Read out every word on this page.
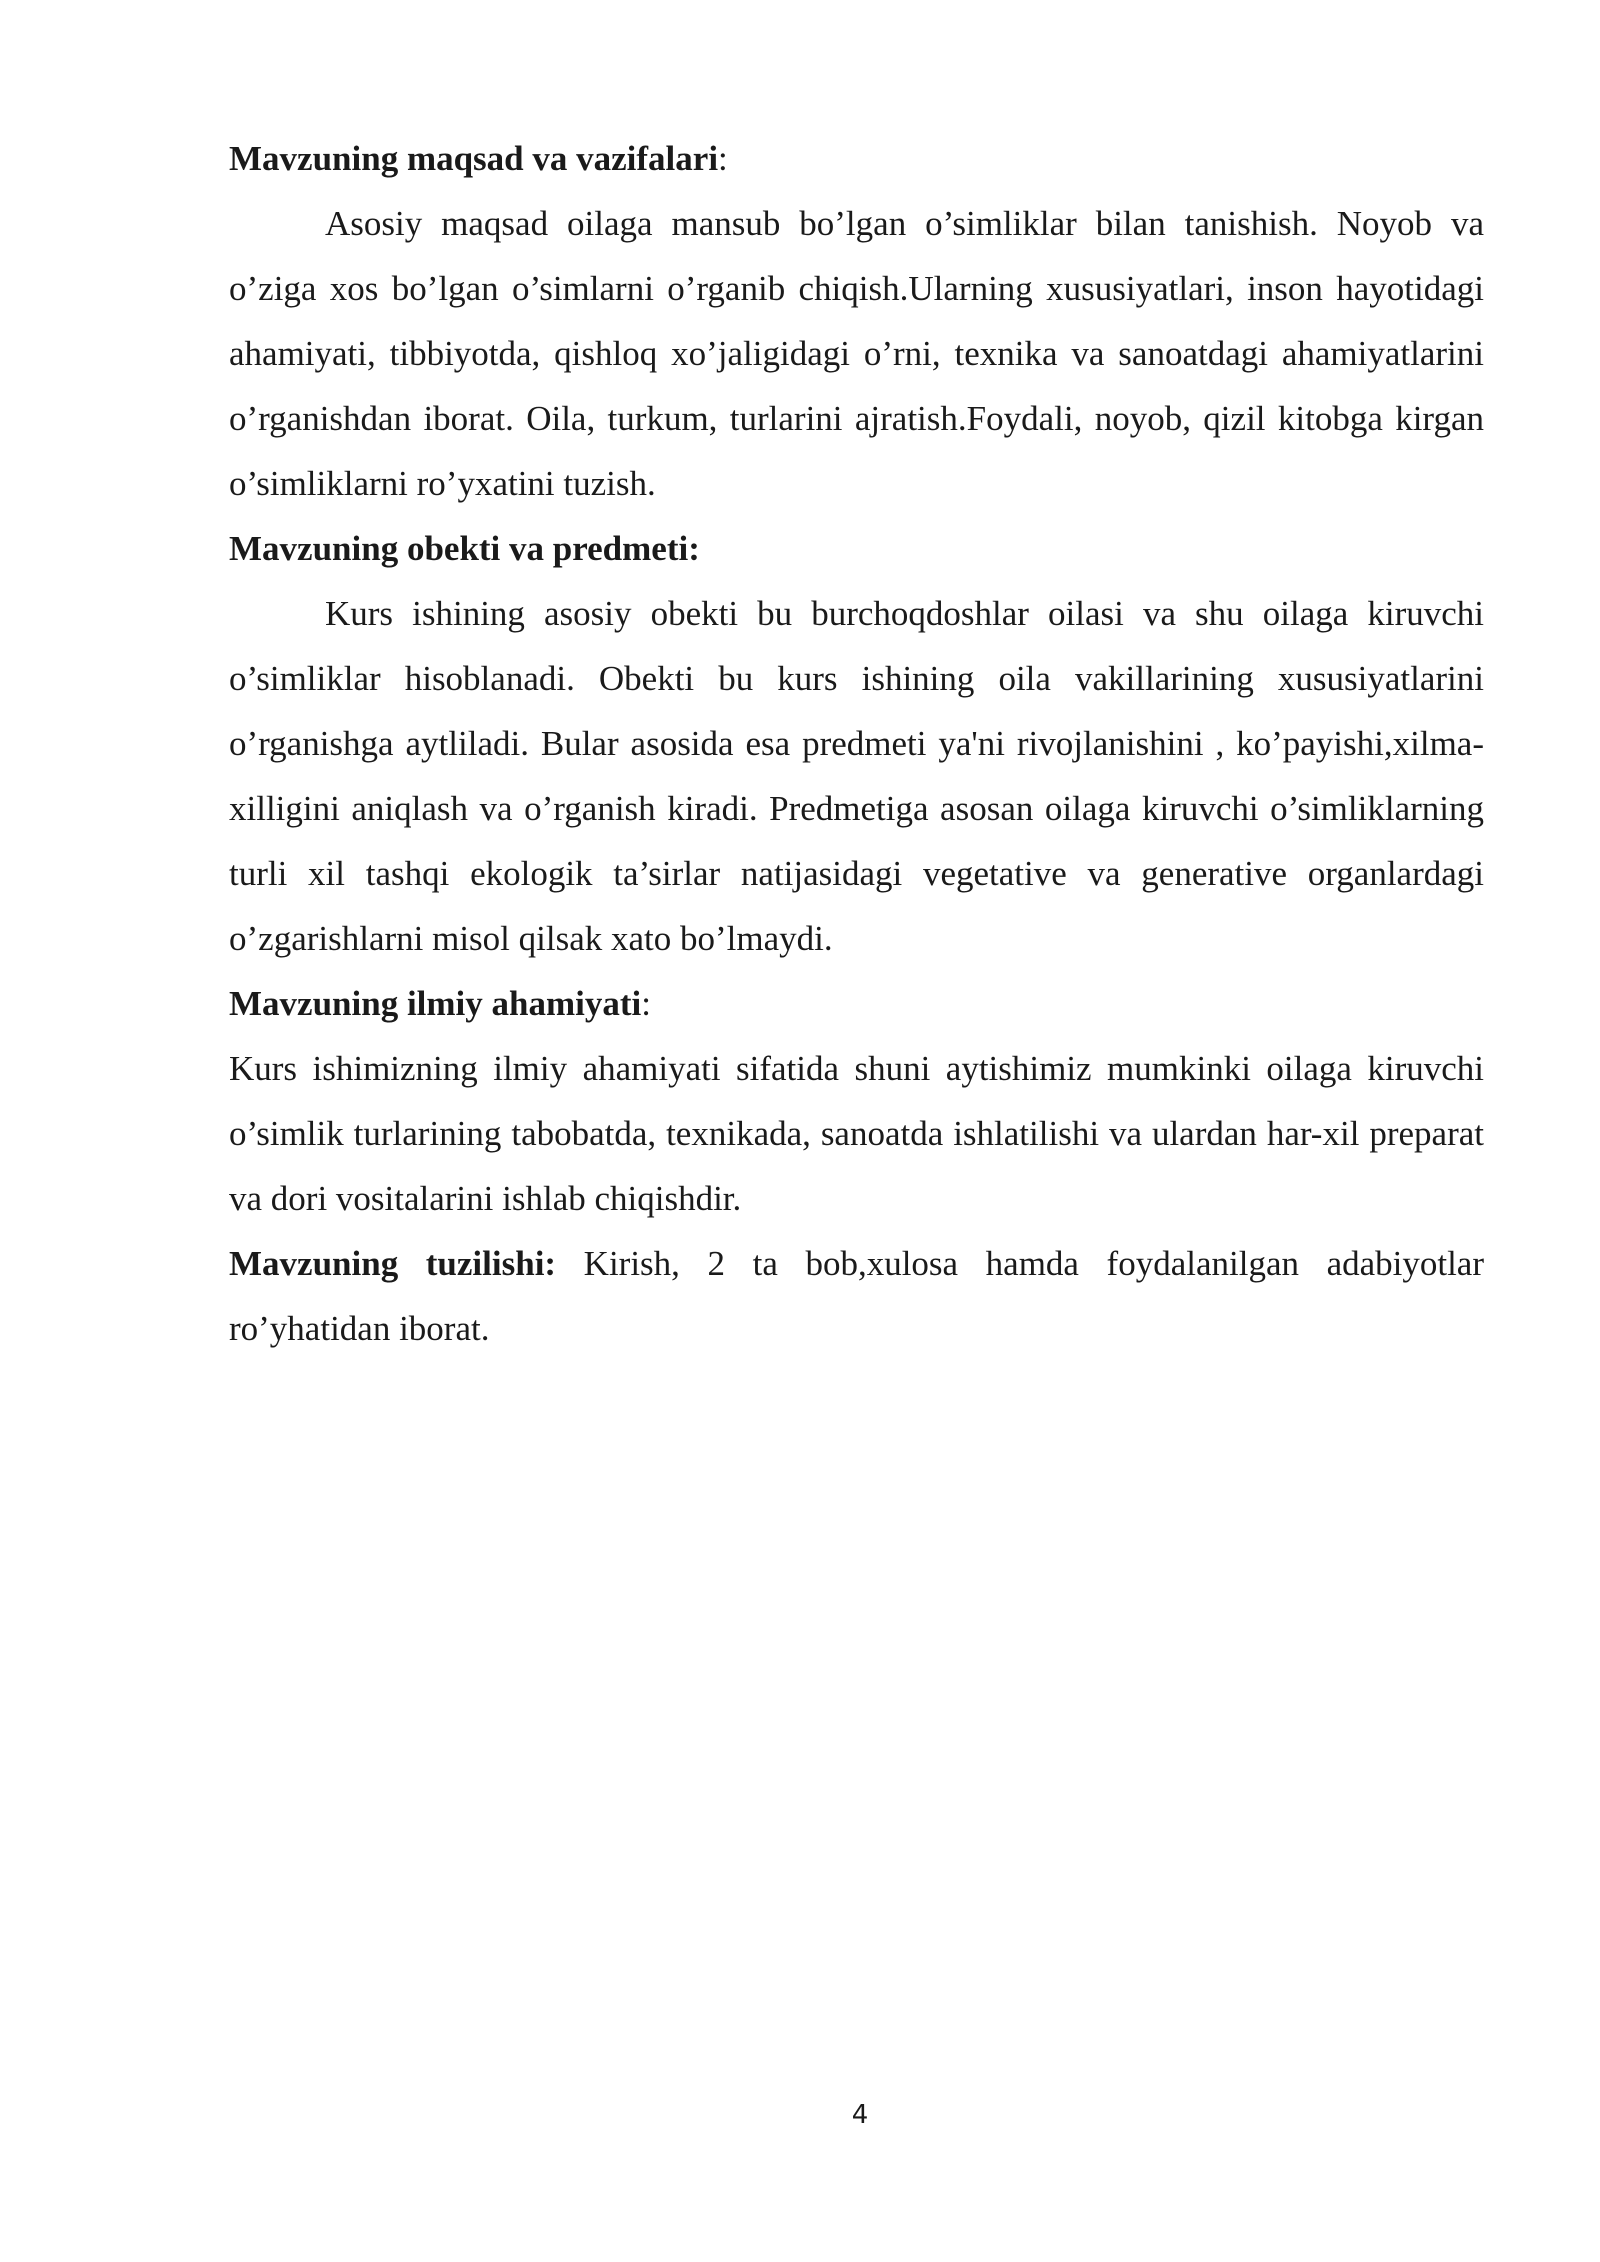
Mavzuning maqsad va vazifalari:

Asosiy maqsad oilaga mansub bo’lgan o’simliklar bilan tanishish. Noyob va o’ziga xos bo’lgan o’simlarni o’rganib chiqish.Ularning xususiyatlari, inson hayotidagi ahamiyati, tibbiyotda, qishloq xo’jaligidagi o’rni, texnika va sanoatdagi ahamiyatlarini o’rganishdan iborat. Oila, turkum, turlarini ajratish.Foydali, noyob, qizil kitobga kirgan o’simliklarni ro’yxatini tuzish.

Mavzuning obekti va predmeti:

Kurs ishining asosiy obekti bu burchoqdoshlar oilasi va shu oilaga kiruvchi o’simliklar hisoblanadi. Obekti bu kurs ishining oila vakillarining xususiyatlarini o’rganishga aytliladi. Bular asosida esa predmeti ya'ni rivojlanishini , ko’payishi,xilma-xilligini aniqlash va o’rganish kiradi. Predmetiga asosan oilaga kiruvchi o’simliklarning turli xil tashqi ekologik ta’sirlar natijasidagi vegetative va generative organlardagi o’zgarishlarni misol qilsak xato bo’lmaydi.

Mavzuning ilmiy ahamiyati:

Kurs ishimizning ilmiy ahamiyati sifatida shuni aytishimiz mumkinki oilaga kiruvchi o’simlik turlarining tabobatda, texnikada, sanoatda ishlatilishi va ulardan har-xil preparat va dori vositalarini ishlab chiqishdir.

Mavzuning tuzilishi: Kirish, 2 ta bob,xulosa hamda foydalanilgan adabiyotlar ro’yhatidan iborat.

4
